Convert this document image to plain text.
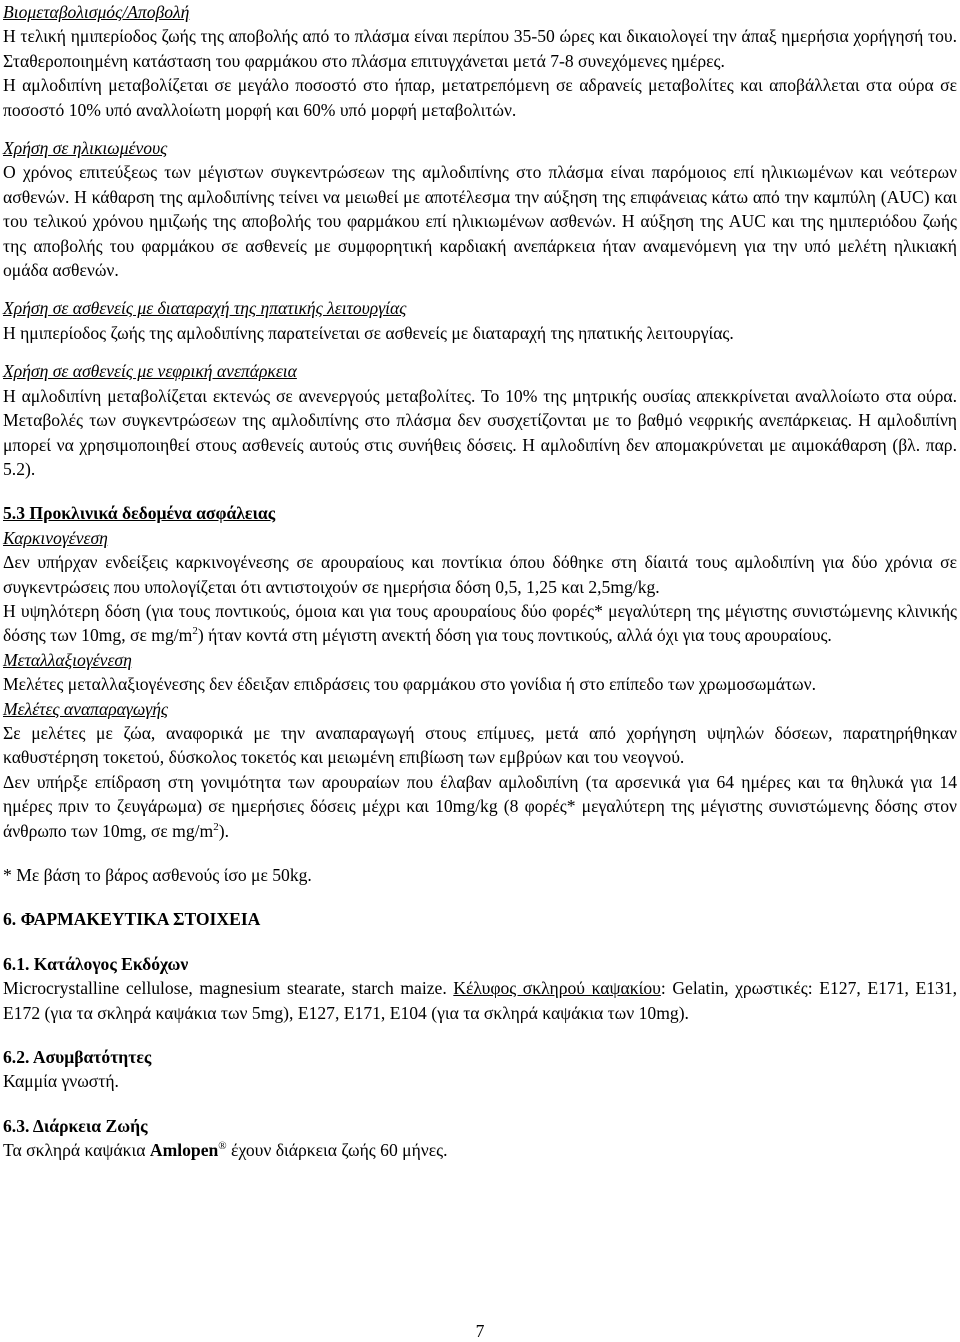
Βιομεταβολισμός/Αποβολή

Η τελική ημιπερίοδος ζωής της αποβολής από το πλάσμα είναι περίπου 35-50 ώρες και δικαιολογεί την άπαξ ημερήσια χορήγησή του. Σταθεροποιημένη κατάσταση του φαρμάκου στο πλάσμα επιτυγχάνεται μετά 7-8 συνεχόμενες ημέρες.

Η αμλοδιπίνη μεταβολίζεται σε μεγάλο ποσοστό στο ήπαρ, μετατρεπόμενη σε αδρανείς μεταβολίτες και αποβάλλεται στα ούρα σε ποσοστό 10% υπό αναλλοίωτη μορφή και 60% υπό μορφή μεταβολιτών.

Χρήση σε ηλικιωμένους

Ο χρόνος επιτεύξεως των μέγιστων συγκεντρώσεων της αμλοδιπίνης στο πλάσμα είναι παρόμοιος επί ηλικιωμένων και νεότερων ασθενών. Η κάθαρση της αμλοδιπίνης τείνει να μειωθεί με αποτέλεσμα την αύξηση της επιφάνειας κάτω από την καμπύλη (AUC) και του τελικού χρόνου ημιζωής της αποβολής του φαρμάκου επί ηλικιωμένων ασθενών. Η αύξηση της AUC και της ημιπεριόδου ζωής της αποβολής του φαρμάκου σε ασθενείς με συμφορητική καρδιακή ανεπάρκεια ήταν αναμενόμενη για την υπό μελέτη ηλικιακή ομάδα ασθενών.

Χρήση σε ασθενείς με διαταραχή της ηπατικής λειτουργίας

Η ημιπερίοδος ζωής της αμλοδιπίνης παρατείνεται σε ασθενείς με διαταραχή της ηπατικής λειτουργίας.

Χρήση σε ασθενείς με νεφρική ανεπάρκεια

Η αμλοδιπίνη μεταβολίζεται εκτενώς σε ανενεργούς μεταβολίτες. Το 10% της μητρικής ουσίας απεκκρίνεται αναλλοίωτο στα ούρα. Μεταβολές των συγκεντρώσεων της αμλοδιπίνης στο πλάσμα δεν συσχετίζονται με το βαθμό νεφρικής ανεπάρκειας. Η αμλοδιπίνη μπορεί να χρησιμοποιηθεί στους ασθενείς αυτούς στις συνήθεις δόσεις. Η αμλοδιπίνη δεν απομακρύνεται με αιμοκάθαρση (βλ. παρ. 5.2).

5.3 Προκλινικά δεδομένα ασφάλειας
Καρκινογένεση

Δεν υπήρχαν ενδείξεις καρκινογένεσης σε αρουραίους και ποντίκια όπου δόθηκε στη δίαιτά τους αμλοδιπίνη για δύο χρόνια σε συγκεντρώσεις που υπολογίζεται ότι αντιστοιχούν σε ημερήσια δόση 0,5, 1,25 και 2,5mg/kg.

Η υψηλότερη δόση (για τους ποντικούς, όμοια και για τους αρουραίους δύο φορές* μεγαλύτερη της μέγιστης συνιστώμενης κλινικής δόσης των 10mg, σε $mg/m^2$) ήταν κοντά στη μέγιστη ανεκτή δόση για τους ποντικούς, αλλά όχι για τους αρουραίους.

Μεταλλαξιογένεση

Μελέτες μεταλλαξιογένεσης δεν έδειξαν επιδράσεις του φαρμάκου στο γονίδια ή στο επίπεδο των χρωμοσωμάτων.

Μελέτες αναπαραγωγής

Σε μελέτες με ζώα, αναφορικά με την αναπαραγωγή στους επίμυες, μετά από χορήγηση υψηλών δόσεων, παρατηρήθηκαν καθυστέρηση τοκετού, δύσκολος τοκετός και μειωμένη επιβίωση των εμβρύων και του νεογνού.

Δεν υπήρξε επίδραση στη γονιμότητα των αρουραίων που έλαβαν αμλοδιπίνη (τα αρσενικά για 64 ημέρες και τα θηλυκά για 14 ημέρες πριν το ζευγάρωμα) σε ημερήσιες δόσεις μέχρι και 10mg/kg (8 φορές* μεγαλύτερη της μέγιστης συνιστώμενης δόσης στον άνθρωπο των 10mg, σε $mg/m^2$).

* Με βάση το βάρος ασθενούς ίσο με 50kg.

6. ΦΑΡΜΑΚΕΥΤΙΚΑ ΣΤΟΙΧΕΙΑ
6.1. Κατάλογος Εκδόχων

Microcrystalline cellulose, magnesium stearate, starch maize. Κέλυφος σκληρού καψακίου: Gelatin, χρωστικές: E127, E171, E131, E172 (για τα σκληρά καψάκια των 5mg), E127, E171, E104 (για τα σκληρά καψάκια των 10mg).

6.2. Ασυμβατότητες

Καμμία γνωστή.

6.3. Διάρκεια Ζωής

Τα σκληρά καψάκια Amlopen® έχουν διάρκεια ζωής 60 μήνες.

7
